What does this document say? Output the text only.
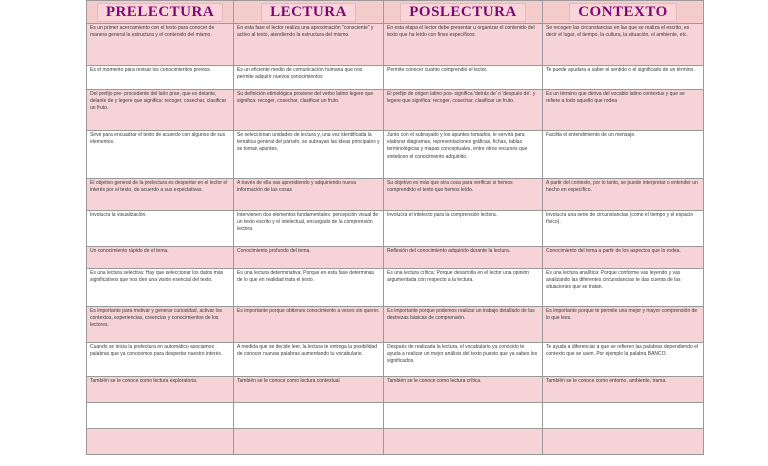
PRELECTURA	LECTURA	POSLECTURA	CONTEXTO
Es un primer acercamiento con el texto para conocer de manera general la estructura y el contenido del mismo.	En esta fase el lector realiza una aproximación "consciente" y activo al texto, atendiendo la estructura del mismo.	En esta etapa el lector debe presentar u organizar el contenido del texto que ha leído con fines específicos.	Se recogen las circunstancias en las que se realiza el escrito, es decir el lugar, el tiempo, la cultura, la situación, el ambiente, etc.
Es el momento para revisar los conocimientos previos.	Es un eficiente medio de comunicación humana que nos permite adquirir nuevos conocimientos	Permite conocer cuanto comprendió el lector.	Te puede ayudara a saber el sentido o el significado de un término.
Del prefijo pre- procedente del latín prae, que es delante, delante de y legere que significa: recoger, cosechar, clasificar un fruto.	Su definición etimológica proviene del verbo latino legere que significa: recoger, cosechar, clasificar un fruto.	El prefijo de origen latino pos- significa 'detrás de' o 'después de'. y legere que significa: recoger, cosechar, clasificar un fruto.	Es un término que deriva del vocablo latino contextus y que se refiere a todo aquello que rodea
Sirve para encuadrar el texto de acuerdo con algunos de sus elementos.	Se seleccionan unidades de lectura y, una vez identificada la temática general del párrafo, se subrayan las ideas principales y se toman apuntes.	Junto con el subrayado y los apuntes tomados, le servirá para elaborar diagramas, representaciones gráficas, fichas, tablas terminológicas y mapas conceptuales, entre otros recursos que sinteticen el conocimiento adquirido.	Facilita el entendimiento de un mensaje.
El objetivo general de la prelectura es despertar en el lector el interés por el texto, de acuerdo a sus expectativas.	A través de ella vas aprendiendo y adquiriendo nueva información de las cosas	Su objetivo es más que otra cosa para verificar si hemos comprendido el texto que hemos leído.	A partir del contexto, por lo tanto, se puede interpretar o entender un hecho en específico.
Involucra la visualización.	Intervienen dos elementos fundamentales: percepción visual de un texto escrito y el intelectual, encargado de la comprensión lectora.	Involucra el intelecto para la comprensión lectora.	Involucra una serie de circunstancias (como el tiempo y el espacio físico).
Un conocimiento rápido de el tema.	Conocimiento profundo del tema.	Reflexión del conocimiento adquirido durante la lectura.	Conocimiento del tema a partir de los aspectos que lo rodea.
Es una lectura selectiva: Hay que seleccionar los datos más significativos que nos den una visión esencial del texto.	Es una lectura determinativa: Porque en esta fase determinas de lo que en realidad trata el texto.	Es una lectura crítica: Porque desarrolla en el lector una opinión argumentada con respecto a la lectura.	Es una lectura analítica: Porque conforme vas leyendo y vas analizando las diferentes circunstancias te das cuenta de las situaciones que se tratan.
Es importante para motivar y generar curiosidad, activar los contextos, experiencias, creencias y conocimientos de los lectores.	Es importante porque obtienes conocimiento a veces sin querer.	Es importante porque podemos realizar un trabajo detallado de las destrezas básicas de comprensión.	Es importante porque te permite una mejor y mayor comprensión de lo que lees.
Cuando se inicia la prelectura en automático asociamos palabras que ya conocemos para despertar nuestro interés.	A medida que se decide leer, la lectura te entrega la posibilidad de conocer nuevas palabras aumentando tu vocabulario.	Después de realizada la lectura, el vocabulario ya conocido te ayuda a realizar un mejor análisis del texto puesto que ya sabes los significados.	Te ayuda a diferenciar a que se refieren las palabras dependiendo el contexto que se usen. Por ejemplo la palabra BANCO.
También se le conoce como lectura exploratoria.	También se le conoce como lectura contextual	También se le conoce como lectura crítica.	También se le conoce como entorno, ambiente, trama.
